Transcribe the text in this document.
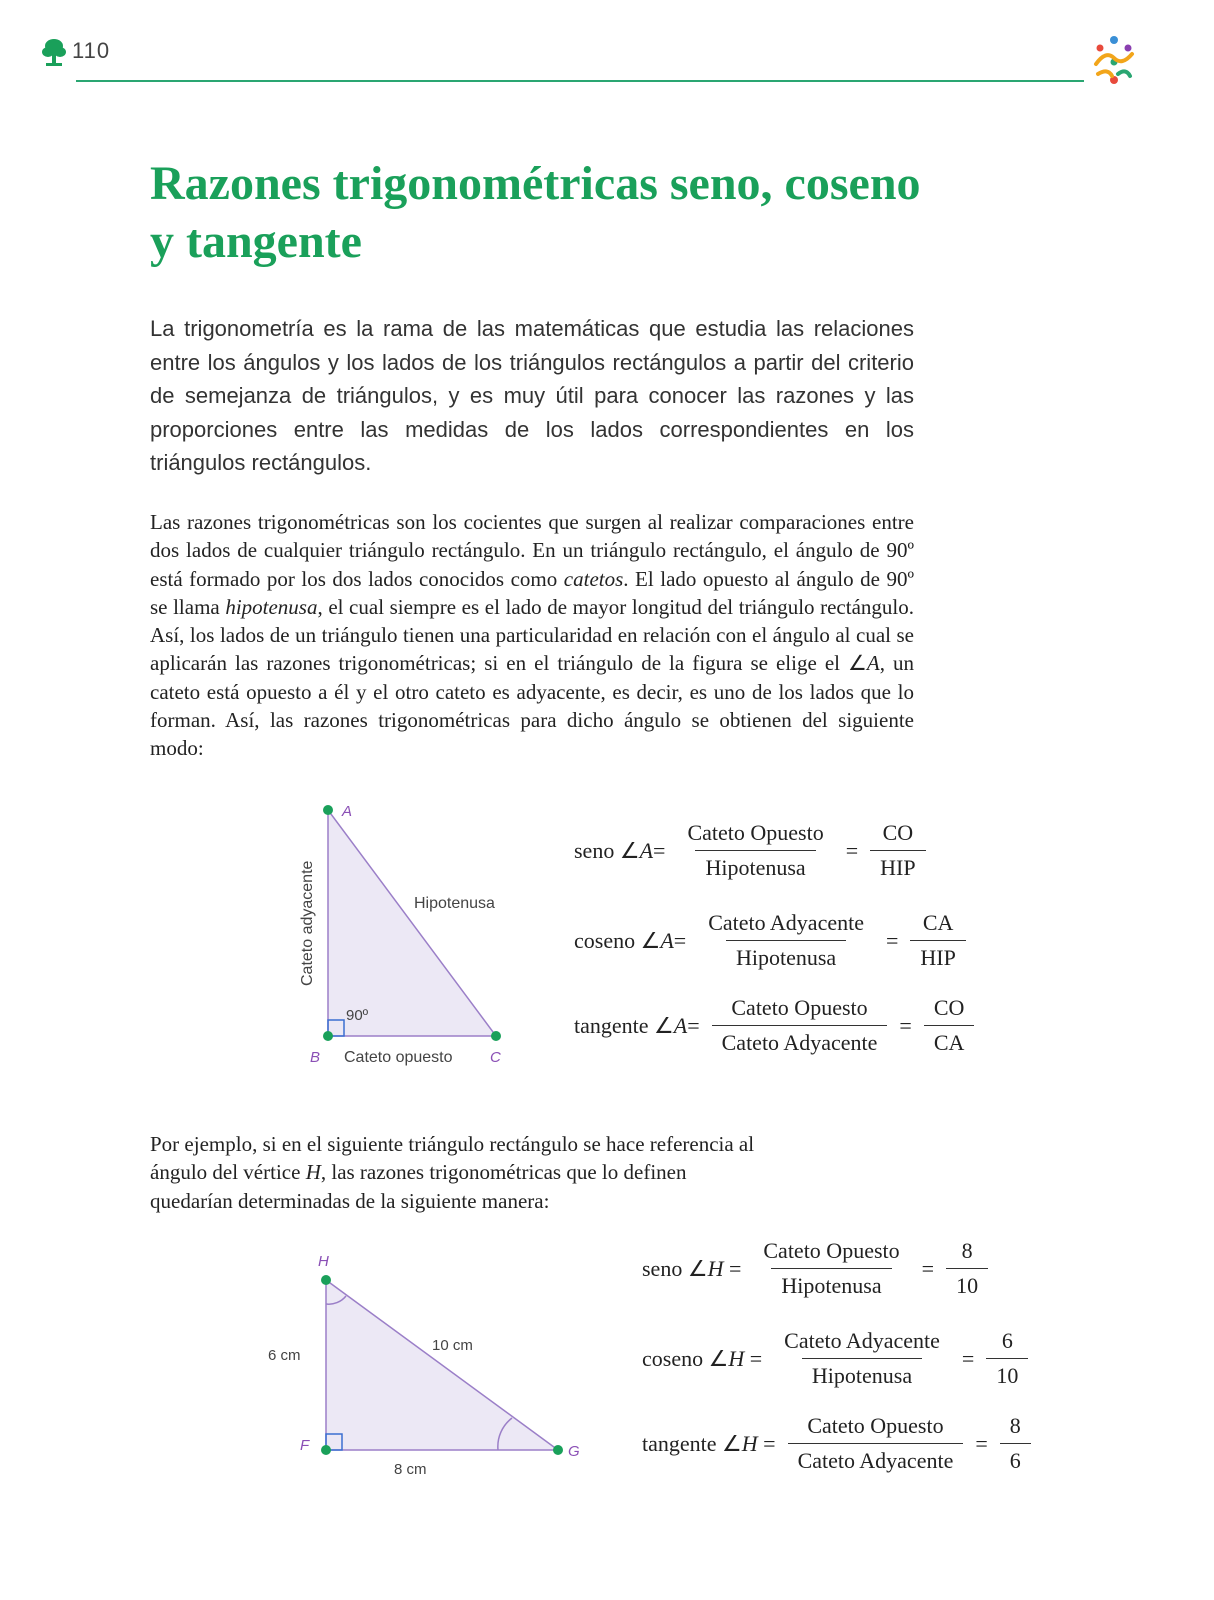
110
Razones trigonométricas seno, coseno y tangente

La trigonometría es la rama de las matemáticas que estudia las relaciones entre los ángulos y los lados de los triángulos rectángulos a partir del criterio de semejanza de triángulos, y es muy útil para conocer las razones y las proporciones entre las medidas de los lados correspondientes en los triángulos rectángulos.

Las razones trigonométricas son los cocientes que surgen al realizar comparaciones entre dos lados de cualquier triángulo rectángulo. En un triángulo rectángulo, el ángulo de 90º está formado por los dos lados conocidos como catetos. El lado opuesto al ángulo de 90º se llama hipotenusa, el cual siempre es el lado de mayor longitud del triángulo rectángulo. Así, los lados de un triángulo tienen una particularidad en relación con el ángulo al cual se aplicarán las razones trigonométricas; si en el triángulo de la figura se elige el ∠A, un cateto está opuesto a él y el otro cateto es adyacente, es decir, es uno de los lados que lo forman. Así, las razones trigonométricas para dicho ángulo se obtienen del siguiente modo:

A
B	C
Hipotenusa
Cateto adyacente
Cateto opuesto
90º
seno ∠A= $\frac{\text{Cateto Opuesto}}{\text{Hipotenusa}} = \frac{CO}{\text{HIP}}$
coseno ∠A= $\frac{\text{Cateto Adyacente}}{\text{Hipotenusa}} = \frac{CA}{\text{HIP}}$
tangente ∠A= $\frac{\text{Cateto Opuesto}}{\text{Cateto Adyacente}} = \frac{CO}{CA}$

Por ejemplo, si en el siguiente triángulo rectángulo se hace referencia al ángulo del vértice H, las razones trigonométricas que lo definen quedarían determinadas de la siguiente manera:

H
F	G
6 cm
10 cm
8 cm
seno ∠H = $\frac{\text{Cateto Opuesto}}{\text{Hipotenusa}} = \frac{8}{10}$
coseno ∠H = $\frac{\text{Cateto Adyacente}}{\text{Hipotenusa}} = \frac{6}{10}$
tangente ∠H = $\frac{\text{Cateto Opuesto}}{\text{Cateto Adyacente}} = \frac{8}{6}$
